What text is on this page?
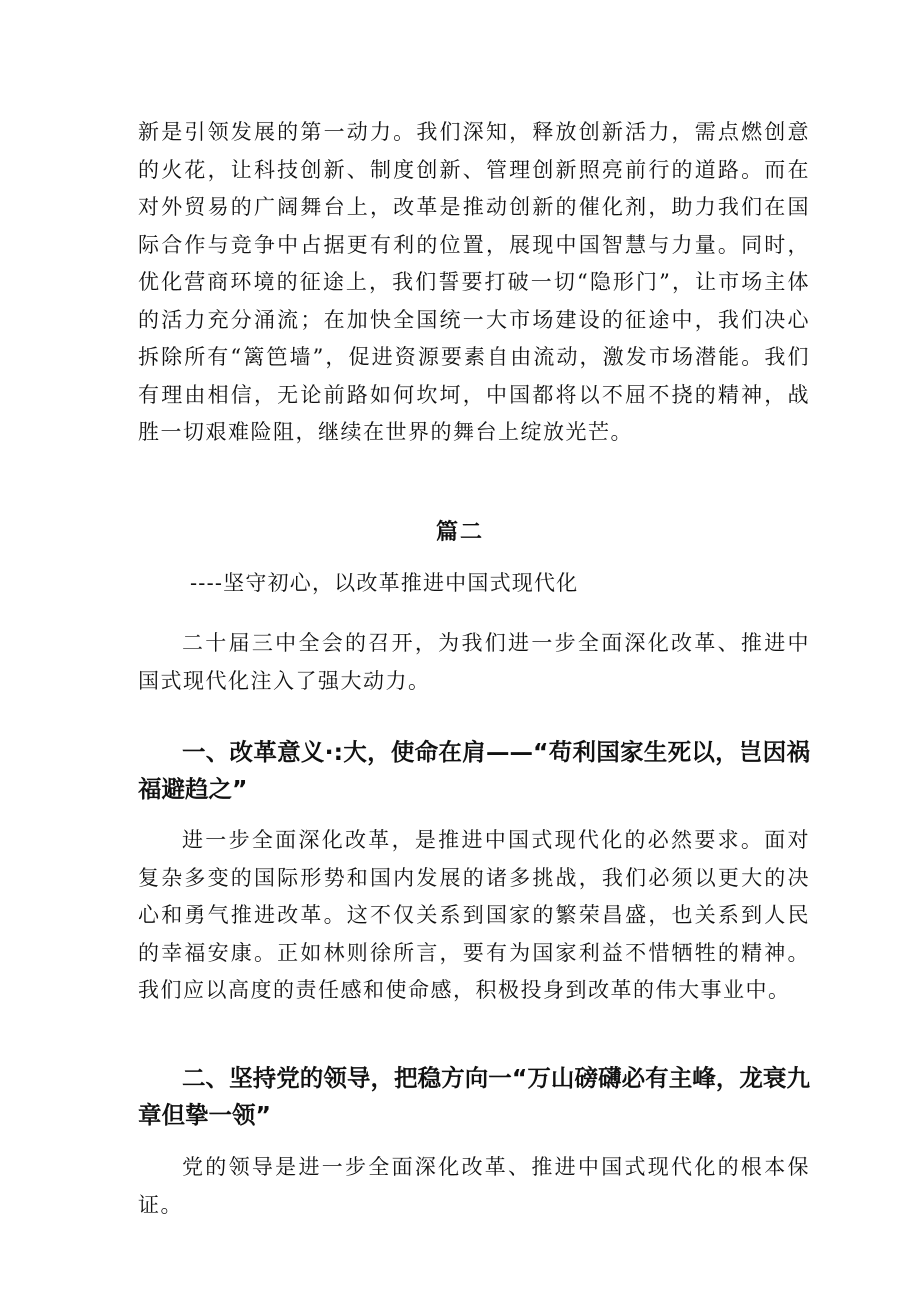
新是引领发展的第一动力。我们深知，释放创新活力，需点燃创意的火花，让科技创新、制度创新、管理创新照亮前行的道路。而在对外贸易的广阔舞台上，改革是推动创新的催化剂，助力我们在国际合作与竞争中占据更有利的位置，展现中国智慧与力量。同时，优化营商环境的征途上，我们誓要打破一切“隐形门”，让市场主体的活力充分涌流；在加快全国统一大市场建设的征途中，我们决心拆除所有“篱笆墙”，促进资源要素自由流动，激发市场潜能。我们有理由相信，无论前路如何坎坷，中国都将以不屈不挠的精神，战胜一切艰难险阻，继续在世界的舞台上绽放光芒。

篇二

----坚守初心，以改革推进中国式现代化

二十届三中全会的召开，为我们进一步全面深化改革、推进中国式现代化注入了强大动力。

一、改革意义·:大，使命在肩——“苟利国家生死以，岂因祸福避趋之”

进一步全面深化改革，是推进中国式现代化的必然要求。面对复杂多变的国际形势和国内发展的诸多挑战，我们必须以更大的决心和勇气推进改革。这不仅关系到国家的繁荣昌盛，也关系到人民的幸福安康。正如林则徐所言，要有为国家利益不惜牺牲的精神。我们应以高度的责任感和使命感，积极投身到改革的伟大事业中。

二、坚持党的领导，把稳方向一“万山磅礴必有主峰，龙衰九章但挚一领”

党的领导是进一步全面深化改革、推进中国式现代化的根本保证。
